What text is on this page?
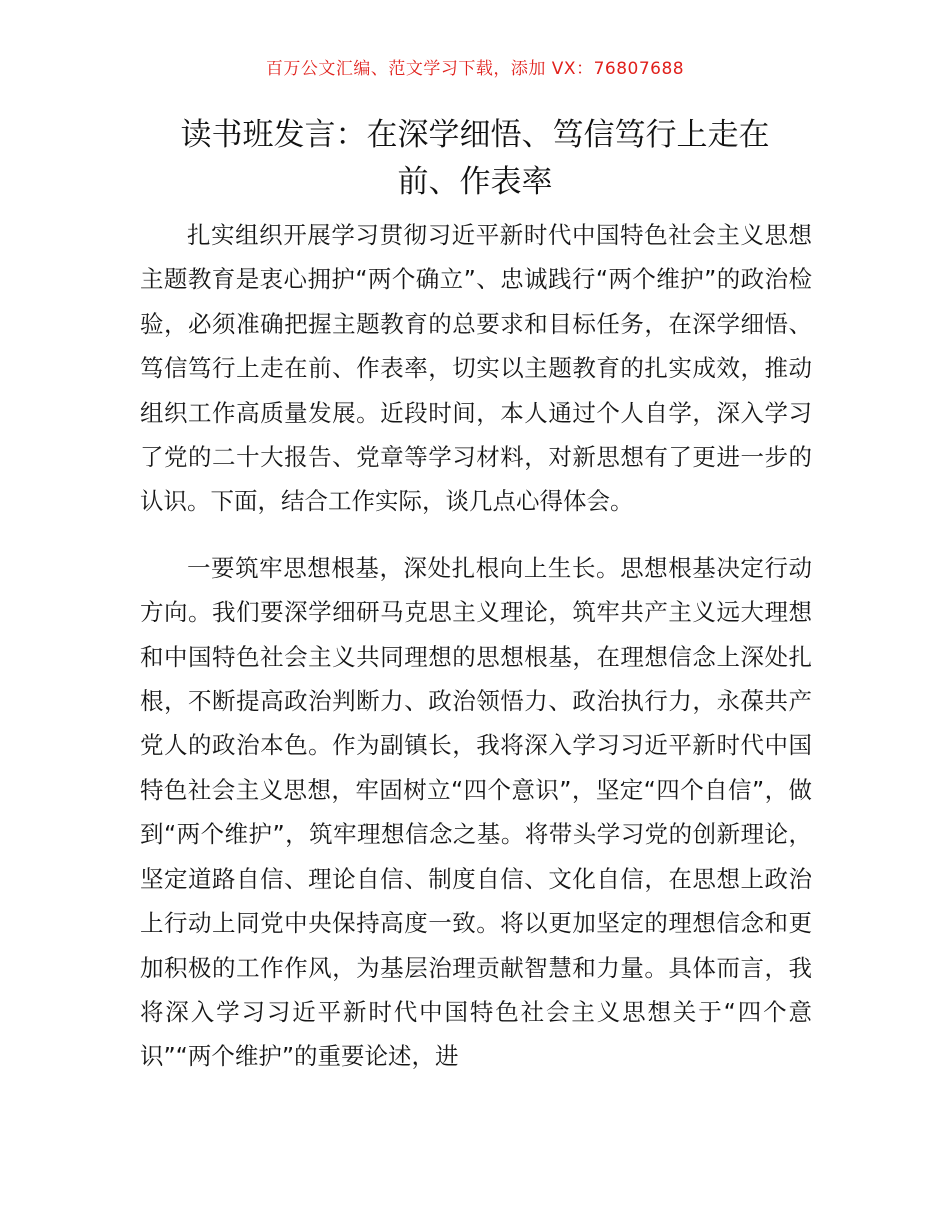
百万公文汇编、范文学习下载，添加 VX：76807688
读书班发言：在深学细悟、笃信笃行上走在前、作表率

扎实组织开展学习贯彻习近平新时代中国特色社会主义思想主题教育是衷心拥护“两个确立”、忠诚践行“两个维护”的政治检验，必须准确把握主题教育的总要求和目标任务，在深学细悟、笃信笃行上走在前、作表率，切实以主题教育的扎实成效，推动组织工作高质量发展。近段时间，本人通过个人自学，深入学习了党的二十大报告、党章等学习材料，对新思想有了更进一步的认识。下面，结合工作实际，谈几点心得体会。

一要筑牢思想根基，深处扎根向上生长。思想根基决定行动方向。我们要深学细研马克思主义理论，筑牢共产主义远大理想和中国特色社会主义共同理想的思想根基，在理想信念上深处扎根，不断提高政治判断力、政治领悟力、政治执行力，永葆共产党人的政治本色。作为副镇长，我将深入学习习近平新时代中国特色社会主义思想，牢固树立“四个意识”，坚定“四个自信”，做到“两个维护”，筑牢理想信念之基。将带头学习党的创新理论，坚定道路自信、理论自信、制度自信、文化自信，在思想上政治上行动上同党中央保持高度一致。将以更加坚定的理想信念和更加积极的工作作风，为基层治理贡献智慧和力量。具体而言，我将深入学习习近平新时代中国特色社会主义思想关于“四个意识”“两个维护”的重要论述，进
